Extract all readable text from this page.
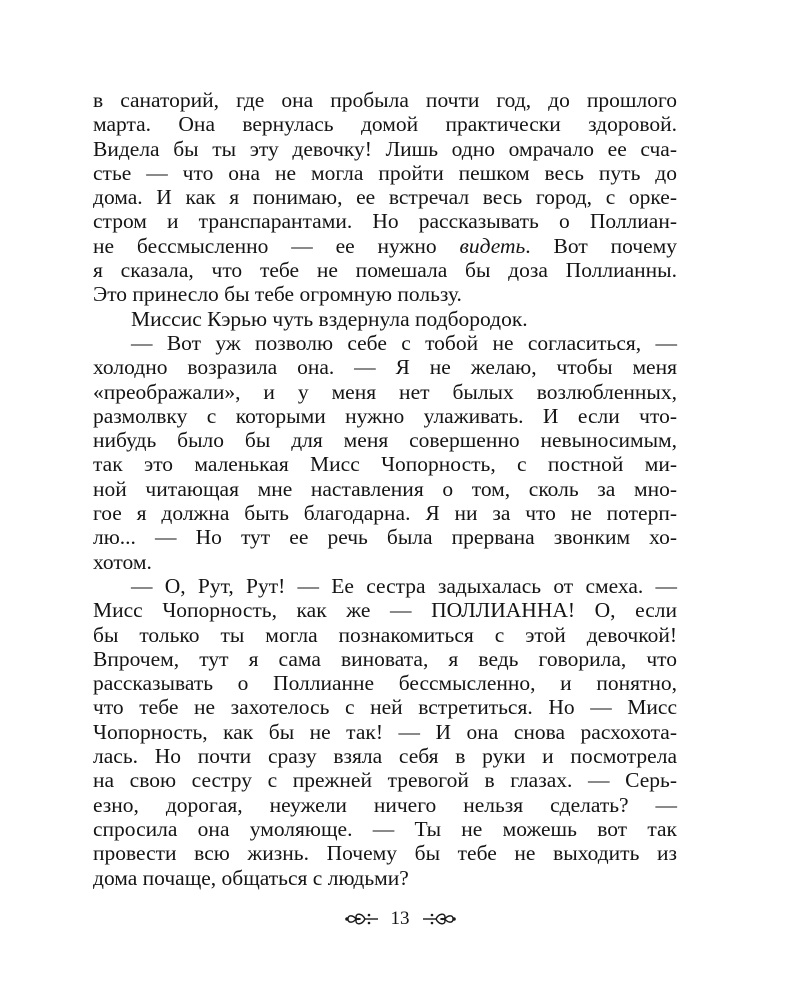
в санаторий, где она пробыла почти год, до прошлого
марта. Она вернулась домой практически здоровой.
Видела бы ты эту девочку! Лишь одно омрачало ее сча-
стье — что она не могла пройти пешком весь путь до
дома. И как я понимаю, ее встречал весь город, с орке-
стром и транспарантами. Но рассказывать о Поллиан-
не бессмысленно — ее нужно видеть. Вот почему
я сказала, что тебе не помешала бы доза Поллианны.
Это принесло бы тебе огромную пользу.
Миссис Кэрью чуть вздернула подбородок.
— Вот уж позволю себе с тобой не согласиться, —
холодно возразила она. — Я не желаю, чтобы меня
«преображали», и у меня нет былых возлюбленных,
размолвку с которыми нужно улаживать. И если что-
нибудь было бы для меня совершенно невыносимым,
так это маленькая Мисс Чопорность, с постной ми-
ной читающая мне наставления о том, сколь за мно-
гое я должна быть благодарна. Я ни за что не потерп-
лю... — Но тут ее речь была прервана звонким хо-
хотом.
— О, Рут, Рут! — Ее сестра задыхалась от смеха. —
Мисс Чопорность, как же — ПОЛЛИАННА! О, если
бы только ты могла познакомиться с этой девочкой!
Впрочем, тут я сама виновата, я ведь говорила, что
рассказывать о Поллианне бессмысленно, и понятно,
что тебе не захотелось с ней встретиться. Но — Мисс
Чопорность, как бы не так! — И она снова расхохота-
лась. Но почти сразу взяла себя в руки и посмотрела
на свою сестру с прежней тревогой в глазах. — Серь-
езно, дорогая, неужели ничего нельзя сделать? —
спросила она умоляюще. — Ты не можешь вот так
провести всю жизнь. Почему бы тебе не выходить из
дома почаще, общаться с людьми?
13
